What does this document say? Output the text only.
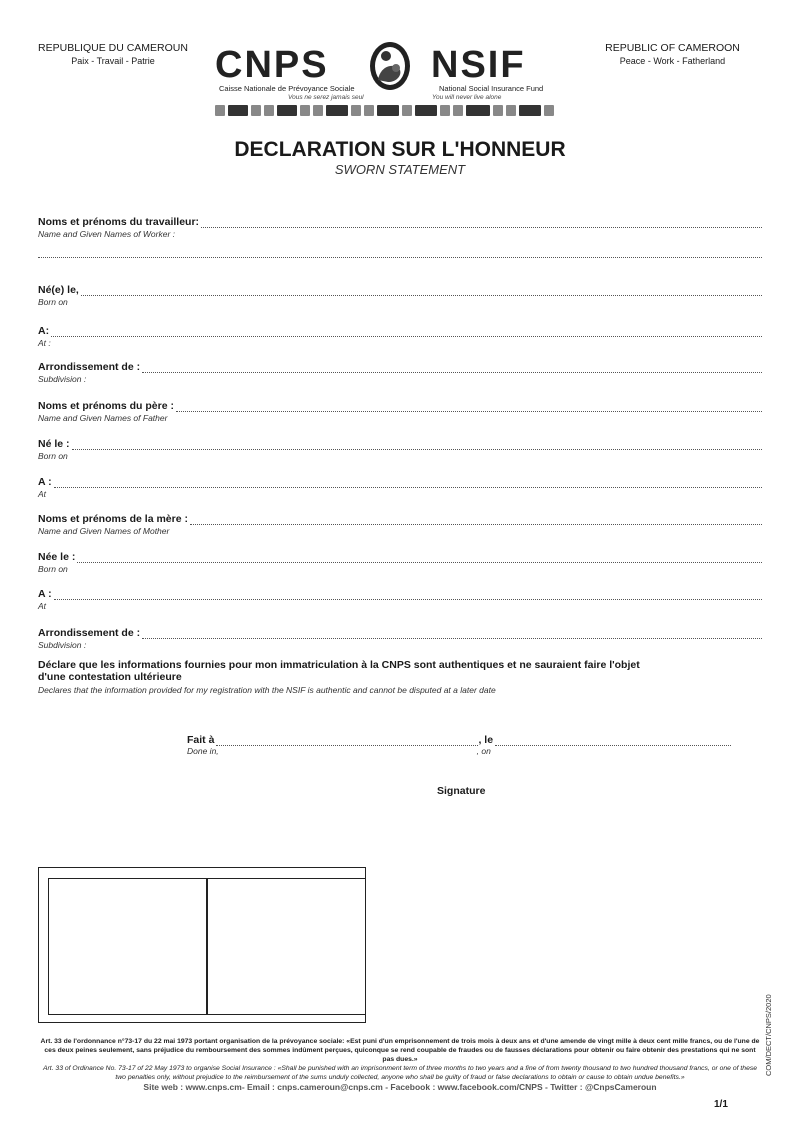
REPUBLIQUE DU CAMEROUN
Paix - Travail - Patrie
REPUBLIC OF CAMEROON
Peace - Work - Fatherland
CNPS	NSIF
Caisse Nationale de Prévoyance Sociale
Vous ne serez jamais seul
National Social Insurance Fund
You will never live alone
DECLARATION SUR L'HONNEUR
SWORN STATEMENT
Noms et prénoms du travailleur:
Name and Given Names of Worker :
Né(e) le,
Born on
A:
At :
Arrondissement de :
Subdivision :
Noms et prénoms du père :
Name and Given Names of Father
Né le :
Born on
A :
At
Noms et prénoms de la mère :
Name and Given Names of Mother
Née le :
Born on
A :
At
Arrondissement de :
Subdivision :
Déclare que les informations fournies pour mon immatriculation à la CNPS sont authentiques et ne sauraient faire l'objet
d'une contestation ultérieure
Declares that the information provided for my registration with the NSIF is authentic and cannot be disputed at a later date
Fait à	, le
Done in,	, on
Signature
Art. 33 de l'ordonnance n°73-17 du 22 mai 1973 portant organisation de la prévoyance sociale: «Est puni d'un emprisonnement de trois mois à deux ans et d'une amende de vingt mille à deux cent mille francs, ou de l'une de ces deux peines seulement, sans préjudice du remboursement des sommes indûment perçues, quiconque se rend coupable de fraudes ou de fausses déclarations pour obtenir ou faire obtenir des prestations qui ne sont pas dues.»
Art. 33 of Ordinance No. 73-17 of 22 May 1973 to organise Social Insurance : «Shall be punished with an imprisonment term of three months to two years and a fine of from twenty thousand to two hundred thousand francs, or one of these two penalties only, without prejudice to the reimbursement of the sums unduly collected, anyone who shall be guilty of fraud or false declarations to obtain or cause to obtain undue benefits.»
Site web : www.cnps.cm- Email : cnps.cameroun@cnps.cm - Facebook : www.facebook.com/CNPS - Twitter : @CnpsCameroun
1/1
COM/DECT/CNPS/2020
